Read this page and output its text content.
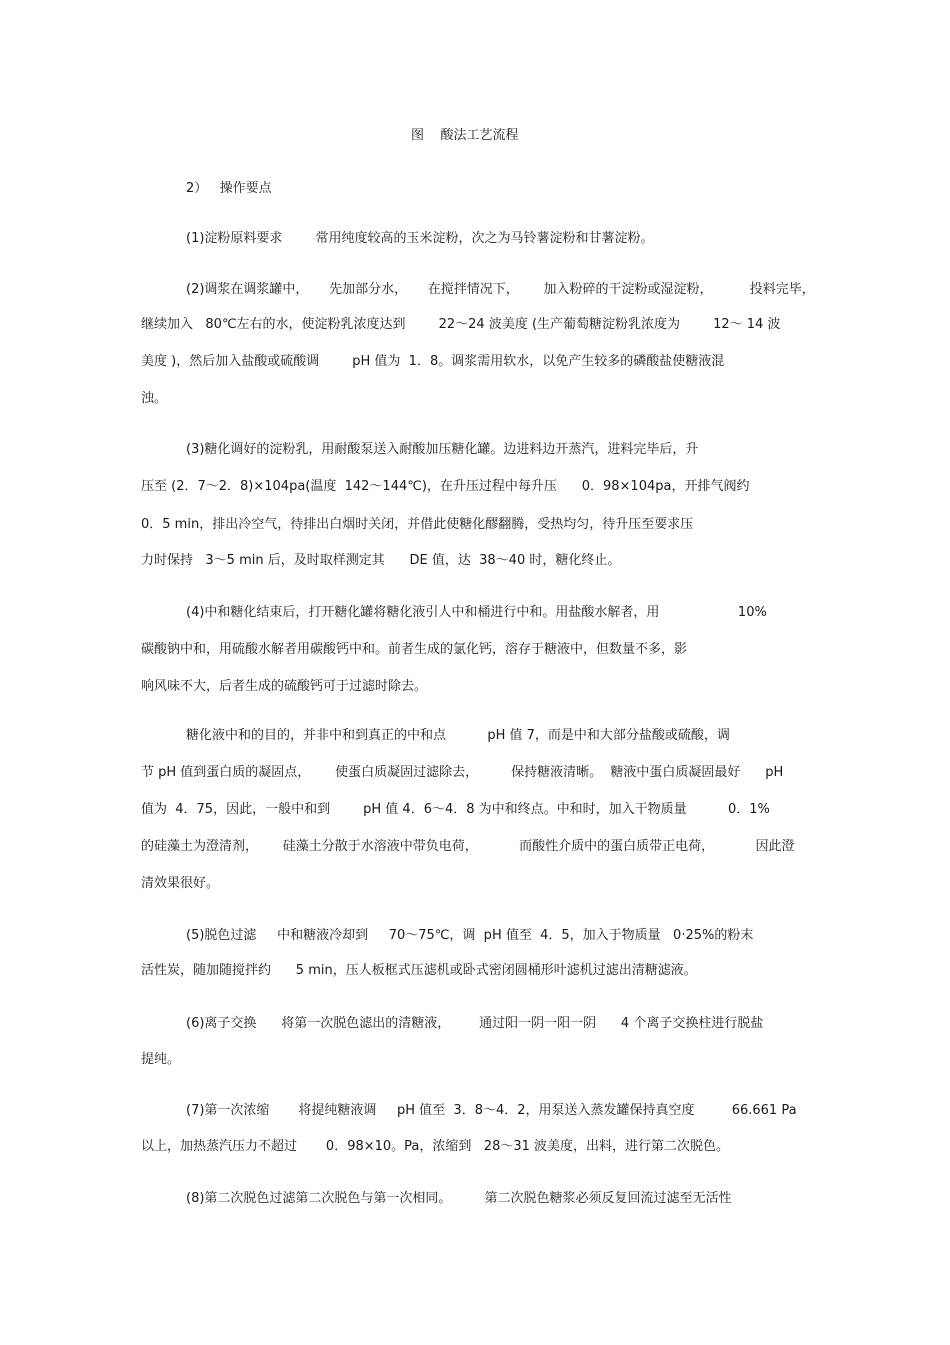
图    酸法工艺流程
2）   操作要点
(1)淀粉原料要求        常用纯度较高的玉米淀粉，次之为马铃薯淀粉和甘薯淀粉。
(2)调浆在调浆罐中，     先加部分水，     在搅拌情况下，      加入粉碎的干淀粉或湿淀粉，         投料完毕，
继续加入   80℃左右的水，使淀粉乳浓度达到        22～24 波美度 (生产葡萄糖淀粉乳浓度为        12～ 14 波
美度 )，然后加入盐酸或硫酸调        pH 值为  1．8。调浆需用软水，以免产生较多的磷酸盐使糖液混
浊。
(3)糖化调好的淀粉乳，用耐酸泵送入耐酸加压糖化罐。边进料边开蒸汽，进料完毕后，升
压至 (2．7～2．8)×104pa(温度  142～144℃)，在升压过程中每升压      0．98×104pa，开排气阀约
0．5 min，排出冷空气，待排出白烟时关闭，并借此使糖化醪翻腾，受热均匀，待升压至要求压
力时保持   3～5 min 后，及时取样测定其      DE 值，达  38～40 时，糖化终止。
(4)中和糖化结束后，打开糖化罐将糖化液引人中和桶进行中和。用盐酸水解者，用                   10%
碳酸钠中和，用硫酸水解者用碳酸钙中和。前者生成的氯化钙，溶存于糖液中，但数量不多，影
响风味不大，后者生成的硫酸钙可于过滤时除去。
糖化液中和的目的，并非中和到真正的中和点          pH 值 7，而是中和大部分盐酸或硫酸，调
节 pH 值到蛋白质的凝固点，      使蛋白质凝固过滤除去，        保持糖液清晰。  糖液中蛋白质凝固最好      pH
值为  4．75，因此，一般中和到        pH 值 4．6～4．8 为中和终点。中和时，加入干物质量          0．1%
的硅藻土为澄清剂，      硅藻土分散于水溶液中带负电荷，          而酸性介质中的蛋白质带正电荷，          因此澄
清效果很好。
(5)脱色过滤     中和糖液冷却到     70～75℃，调  pH 值至  4．5，加入于物质量   0·25%的粉末
活性炭，随加随搅拌约      5 min，压人板框式压滤机或卧式密闭圆桶形叶滤机过滤出清糖滤液。
(6)离子交换      将第一次脱色滤出的清糖液，       通过阳一阴一阳一阴      4 个离子交换柱进行脱盐
提纯。
(7)第一次浓缩       将提纯糖液调     pH 值至  3．8～4．2，用泵送入蒸发罐保持真空度         66.661 Pa
以上，加热蒸汽压力不超过       0．98×10。Pa，浓缩到   28～31 波美度，出料，进行第二次脱色。
(8)第二次脱色过滤第二次脱色与第一次相同。        第二次脱色糖浆必须反复回流过滤至无活性
